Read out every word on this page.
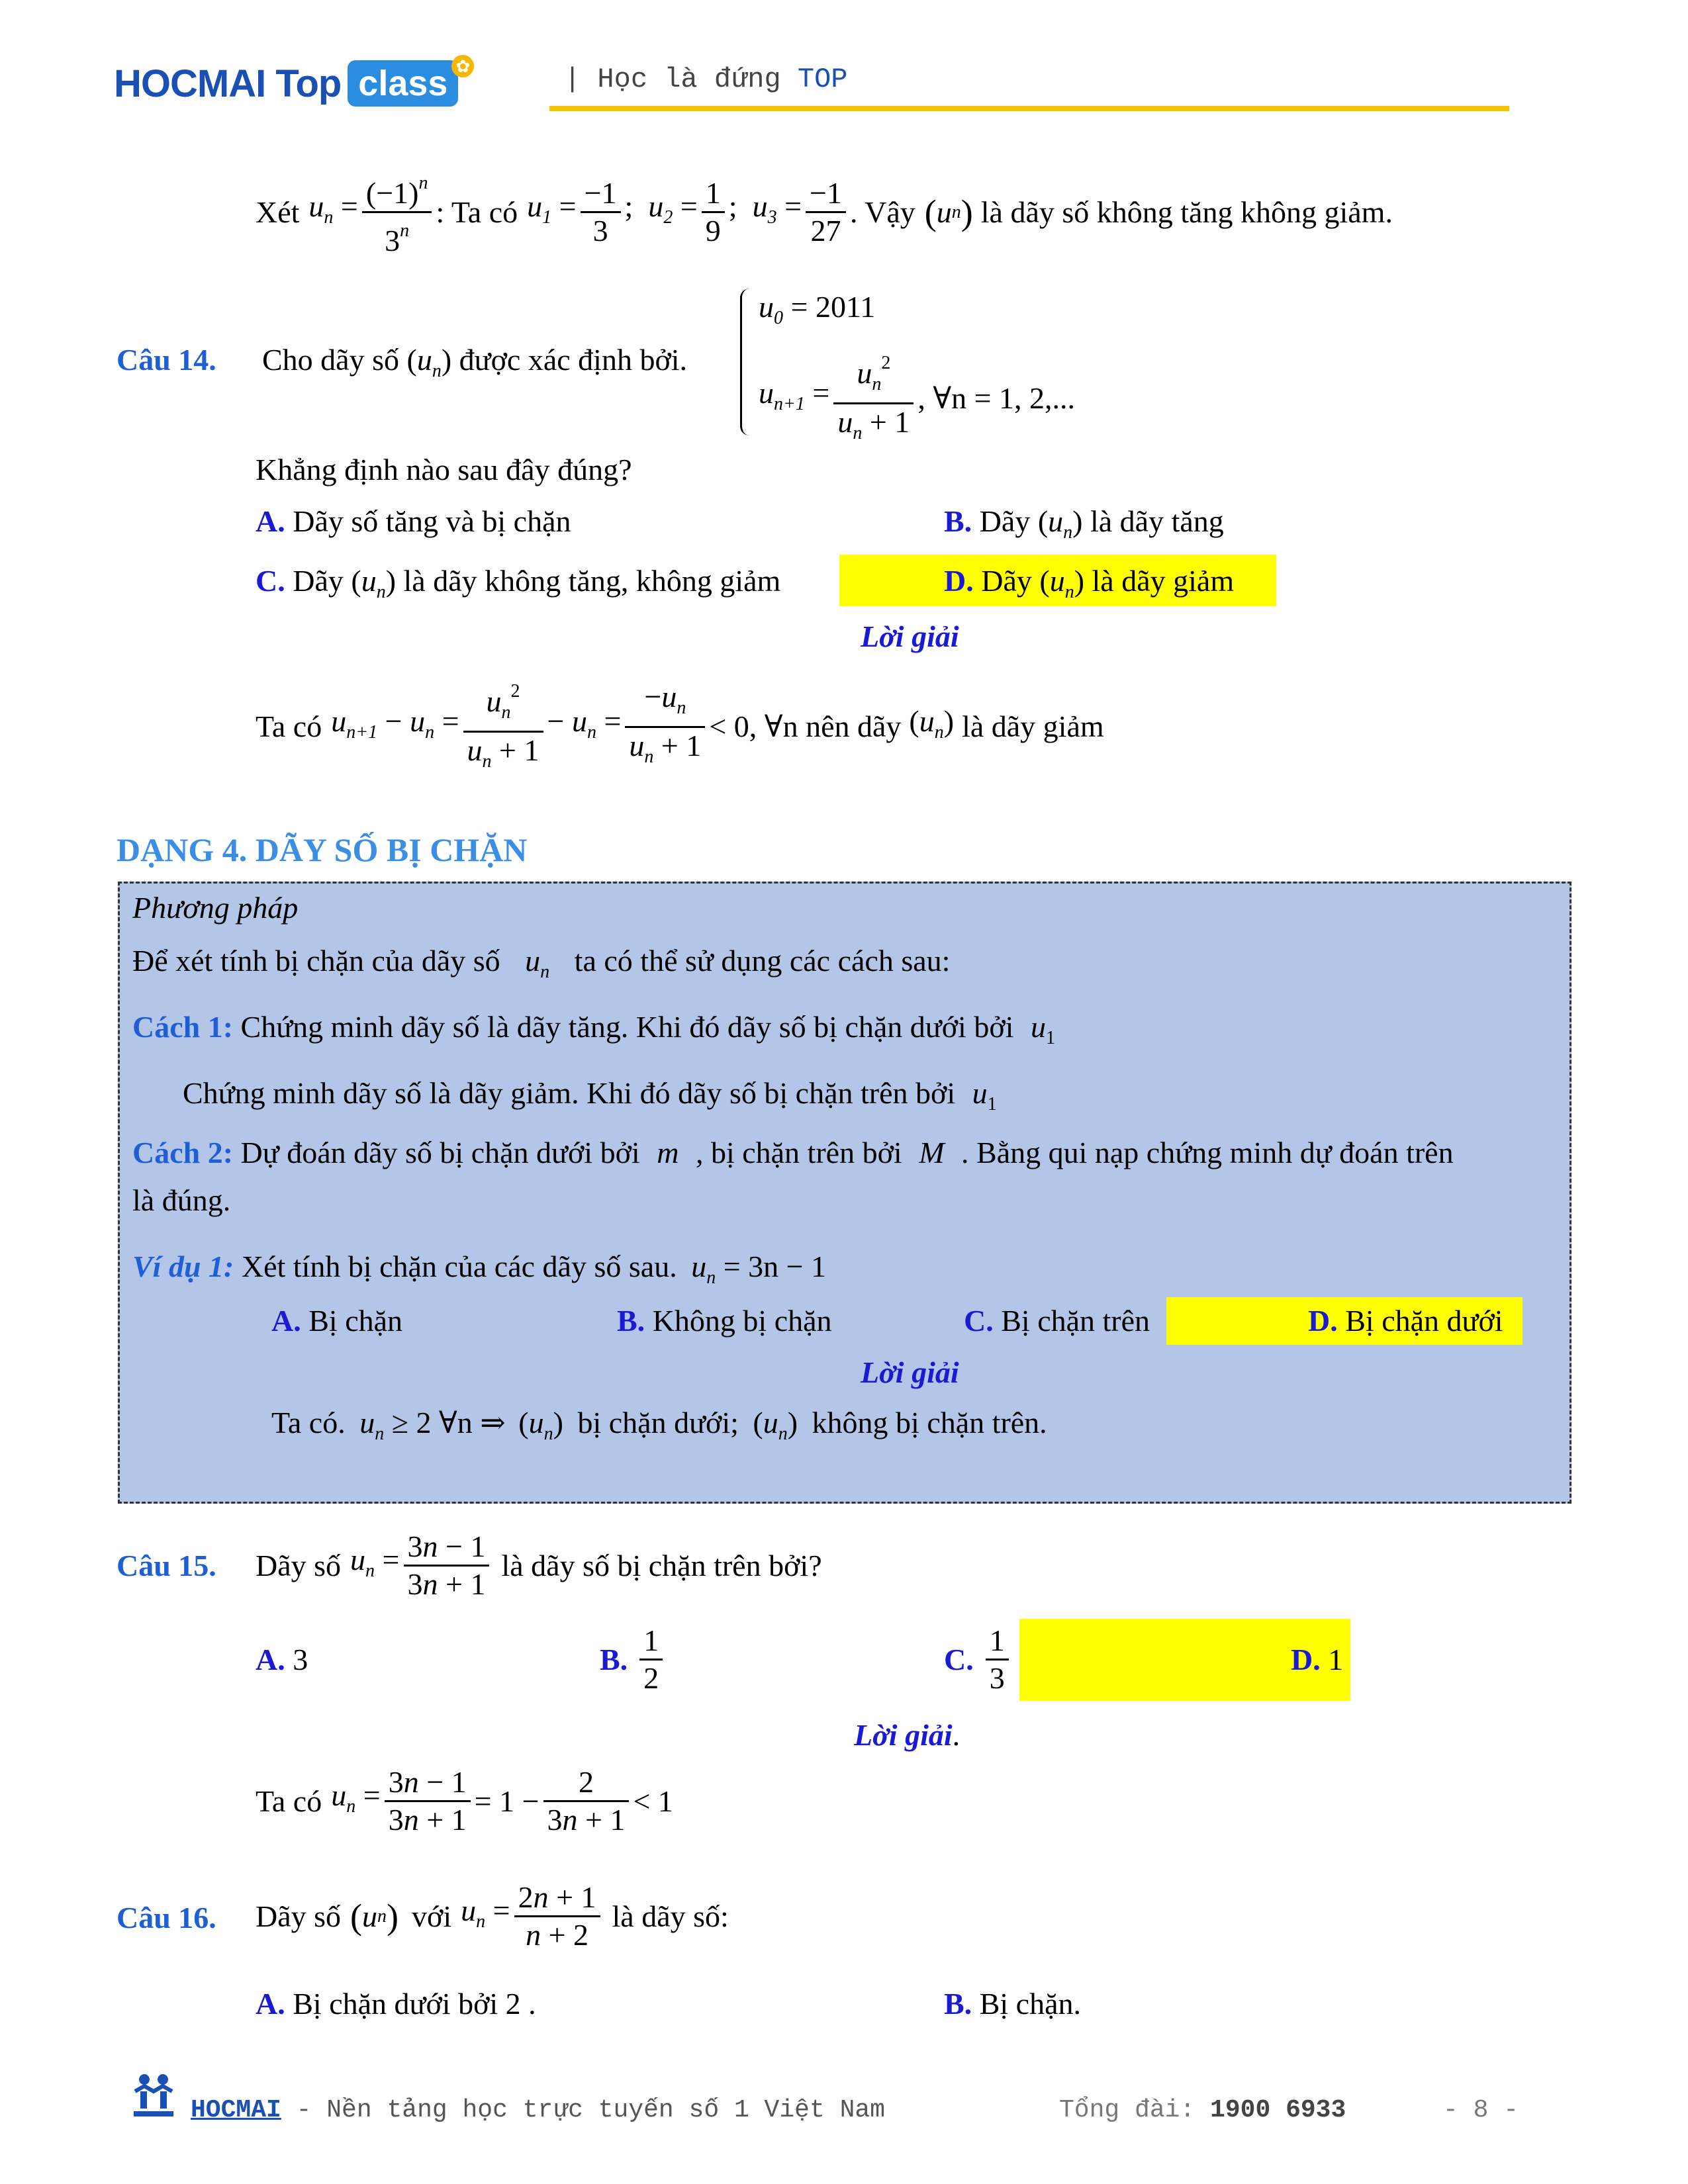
HOCMAI Top class ✿	| Học là đứng TOP
Xét $u_n = \frac{(-1)^n}{3^n}$ : Ta có $u_1 = \frac{-1}{3}$ ;  $u_2 = \frac{1}{9}$ ;  $u_3 = \frac{-1}{27}$ . Vậy ( u n ) là dãy số không tăng không giảm.
Câu 14. Cho dãy số $(u_n)$ được xác định bởi.
$u_0 = 2011$
$u_{n+1} = \frac{u_n^2}{u_n + 1}$ , ∀n = 1, 2,...
Khẳng định nào sau đây đúng?
A. Dãy số tăng và bị chặn	B. Dãy $(u_n)$ là dãy tăng
C. Dãy $(u_n)$ là dãy không tăng, không giảm	D. Dãy $(u_n)$ là dãy giảm
Lời giải
Ta có $u_{n+1} - u_n = \frac{u_n^2}{u_n + 1} - u_n = \frac{-u_n}{u_n + 1} < 0$, ∀n nên dãy $(u_n)$ là dãy giảm
DẠNG 4. DÃY SỐ BỊ CHẶN
Phương pháp
Để xét tính bị chặn của dãy số $u_n$ ta có thể sử dụng các cách sau:
Cách 1: Chứng minh dãy số là dãy tăng. Khi đó dãy số bị chặn dưới bởi $u_1$
Chứng minh dãy số là dãy giảm. Khi đó dãy số bị chặn trên bởi $u_1$
Cách 2: Dự đoán dãy số bị chặn dưới bởi m , bị chặn trên bởi M . Bằng qui nạp chứng minh dự đoán trên
là đúng.
Ví dụ 1: Xét tính bị chặn của các dãy số sau. $u_n = 3n - 1$
A. Bị chặn	B. Không bị chặn	C. Bị chặn trên	D. Bị chặn dưới
Lời giải
Ta có. $u_n \ge 2$ ∀n ⇒ $(u_n)$ bị chặn dưới; $(u_n)$ không bị chặn trên.
Câu 15. Dãy số $u_n = \frac{3n - 1}{3n + 1}$ là dãy số bị chặn trên bởi?
A. 3	B. $\frac{1}{2}$	C. $\frac{1}{3}$	D. 1
Lời giải.
Ta có $u_n = \frac{3n - 1}{3n + 1} = 1 - \frac{2}{3n + 1} < 1$
Câu 16. Dãy số ( u n ) với $u_n = \frac{2n + 1}{n + 2}$ là dãy số:
A. Bị chặn dưới bởi 2 .	B. Bị chặn.
HOCMAI - Nền tảng học trực tuyến số 1 Việt Nam	Tổng đài: 1900 6933	- 8 -
